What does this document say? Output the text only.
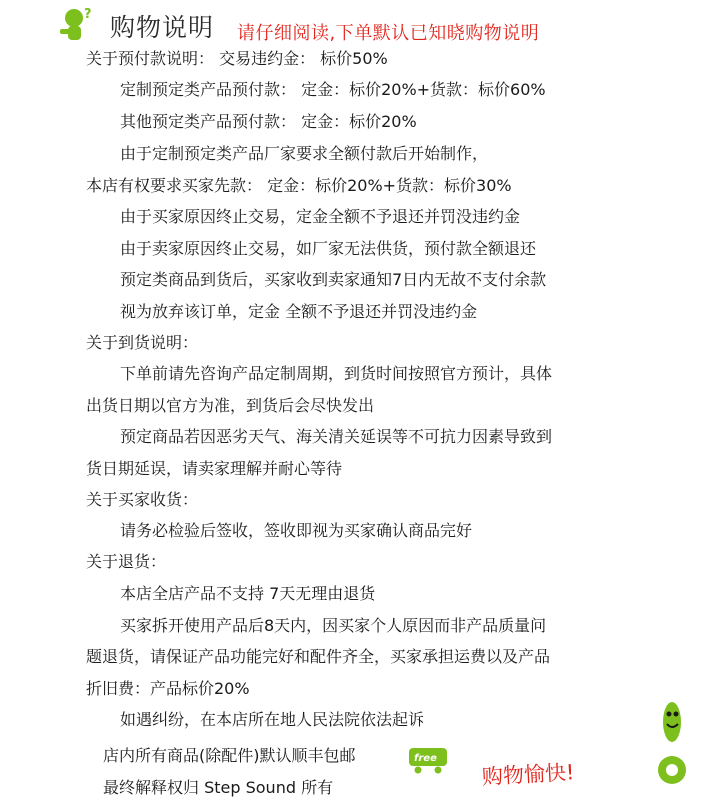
? 购物说明 请仔细阅读,下单默认已知晓购物说明
关于预付款说明： 交易违约金： 标价50%
定制预定类产品预付款： 定金：标价20%+货款：标价60%
其他预定类产品预付款： 定金：标价20%
由于定制预定类产品厂家要求全额付款后开始制作，
本店有权要求买家先款： 定金：标价20%+货款：标价30%
由于买家原因终止交易，定金全额不予退还并罚没违约金
由于卖家原因终止交易，如厂家无法供货，预付款全额退还
预定类商品到货后，买家收到卖家通知7日内无故不支付余款
视为放弃该订单，定金 全额不予退还并罚没违约金
关于到货说明：
下单前请先咨询产品定制周期，到货时间按照官方预计，具体
出货日期以官方为准，到货后会尽快发出
预定商品若因恶劣天气、海关清关延误等不可抗力因素导致到
货日期延误，请卖家理解并耐心等待
关于买家收货：
请务必检验后签收，签收即视为买家确认商品完好
关于退货：
本店全店产品不支持 7天无理由退货
买家拆开使用产品后8天内，因买家个人原因而非产品质量问
题退货，请保证产品功能完好和配件齐全，买家承担运费以及产品
折旧费：产品标价20%
如遇纠纷，在本店所在地人民法院依法起诉
店内所有商品(除配件)默认顺丰包邮
最终解释权归 Step Sound 所有
free
购物愉快!
